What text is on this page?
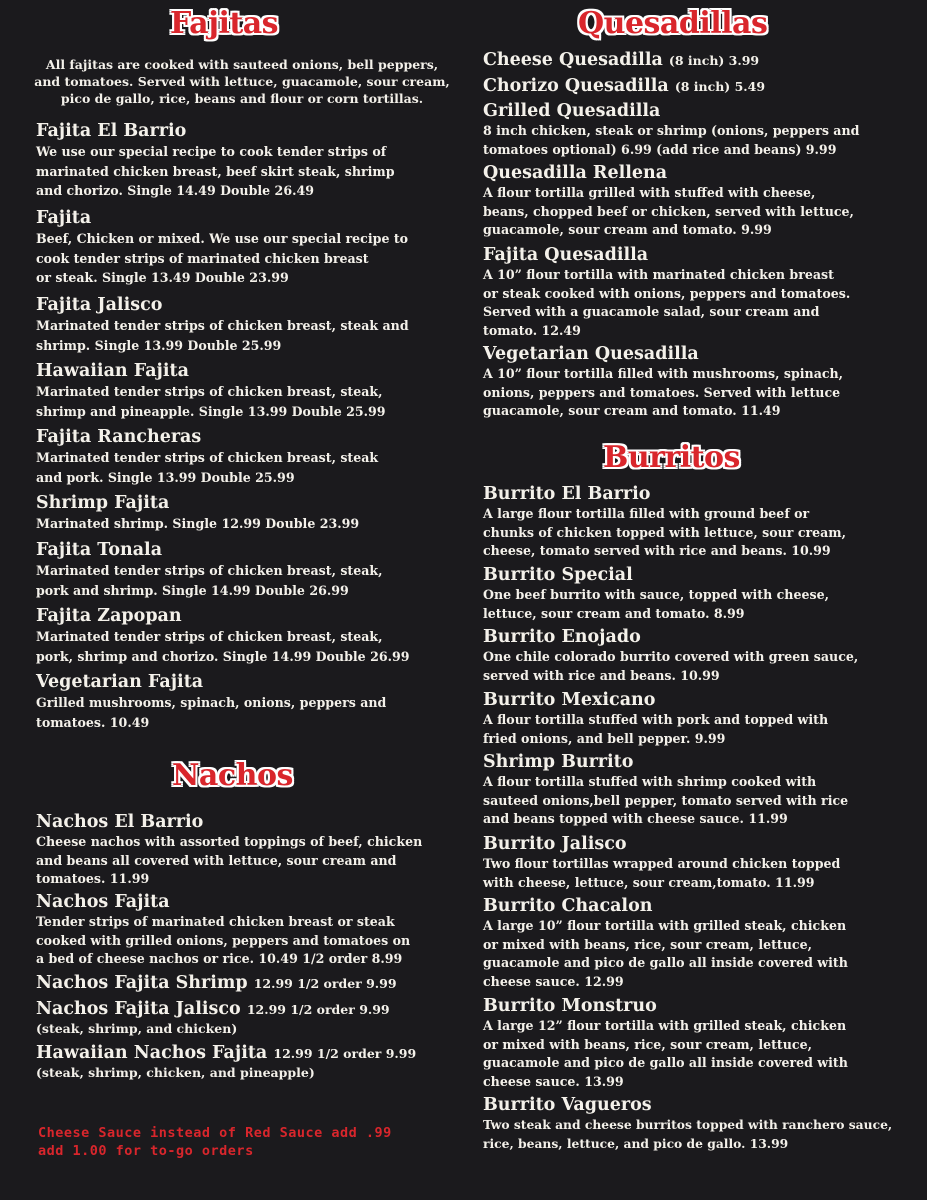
Fajitas
All fajitas are cooked with sauteed onions, bell peppers,
and tomatoes. Served with lettuce, guacamole, sour cream,
pico de gallo, rice, beans and flour or corn tortillas.
Fajita El Barrio
We use our special recipe to cook tender strips of
marinated chicken breast, beef skirt steak, shrimp
and chorizo. Single 14.49 Double 26.49
Fajita
Beef, Chicken or mixed. We use our special recipe to
cook tender strips of marinated chicken breast
or steak. Single 13.49 Double 23.99
Fajita Jalisco
Marinated tender strips of chicken breast, steak and
shrimp. Single 13.99 Double 25.99
Hawaiian Fajita
Marinated tender strips of chicken breast, steak,
shrimp and pineapple. Single 13.99 Double 25.99
Fajita Rancheras
Marinated tender strips of chicken breast, steak
and pork. Single 13.99 Double 25.99
Shrimp Fajita
Marinated shrimp. Single 12.99 Double 23.99
Fajita Tonala
Marinated tender strips of chicken breast, steak,
pork and shrimp. Single 14.99 Double 26.99
Fajita Zapopan
Marinated tender strips of chicken breast, steak,
pork, shrimp and chorizo. Single 14.99 Double 26.99
Vegetarian Fajita
Grilled mushrooms, spinach, onions, peppers and
tomatoes. 10.49
Nachos
Nachos El Barrio
Cheese nachos with assorted toppings of beef, chicken
and beans all covered with lettuce, sour cream and
tomatoes. 11.99
Nachos Fajita
Tender strips of marinated chicken breast or steak
cooked with grilled onions, peppers and tomatoes on
a bed of cheese nachos or rice. 10.49 1/2 order 8.99
Nachos Fajita Shrimp 12.99 1/2 order 9.99
Nachos Fajita Jalisco 12.99 1/2 order 9.99
(steak, shrimp, and chicken)
Hawaiian Nachos Fajita 12.99 1/2 order 9.99
(steak, shrimp, chicken, and pineapple)
Quesadillas
Cheese Quesadilla (8 inch) 3.99
Chorizo Quesadilla (8 inch) 5.49
Grilled Quesadilla
8 inch chicken, steak or shrimp (onions, peppers and
tomatoes optional) 6.99 (add rice and beans) 9.99
Quesadilla Rellena
A flour tortilla grilled with stuffed with cheese,
beans, chopped beef or chicken, served with lettuce,
guacamole, sour cream and tomato. 9.99
Fajita Quesadilla
A 10” flour tortilla with marinated chicken breast
or steak cooked with onions, peppers and tomatoes.
Served with a guacamole salad, sour cream and
tomato. 12.49
Vegetarian Quesadilla
A 10” flour tortilla filled with mushrooms, spinach,
onions, peppers and tomatoes. Served with lettuce
guacamole, sour cream and tomato. 11.49
Burritos
Burrito El Barrio
A large flour tortilla filled with ground beef or
chunks of chicken topped with lettuce, sour cream,
cheese, tomato served with rice and beans. 10.99
Burrito Special
One beef burrito with sauce, topped with cheese,
lettuce, sour cream and tomato. 8.99
Burrito Enojado
One chile colorado burrito covered with green sauce,
served with rice and beans. 10.99
Burrito Mexicano
A flour tortilla stuffed with pork and topped with
fried onions, and bell pepper. 9.99
Shrimp Burrito
A flour tortilla stuffed with shrimp cooked with
sauteed onions,bell pepper, tomato served with rice
and beans topped with cheese sauce. 11.99
Burrito Jalisco
Two flour tortillas wrapped around chicken topped
with cheese, lettuce, sour cream,tomato. 11.99
Burrito Chacalon
A large 10” flour tortilla with grilled steak, chicken
or mixed with beans, rice, sour cream, lettuce,
guacamole and pico de gallo all inside covered with
cheese sauce. 12.99
Burrito Monstruo
A large 12” flour tortilla with grilled steak, chicken
or mixed with beans, rice, sour cream, lettuce,
guacamole and pico de gallo all inside covered with
cheese sauce. 13.99
Burrito Vagueros
Two steak and cheese burritos topped with ranchero sauce,
rice, beans, lettuce, and pico de gallo. 13.99
Cheese Sauce instead of Red Sauce add .99
add 1.00 for to-go orders
